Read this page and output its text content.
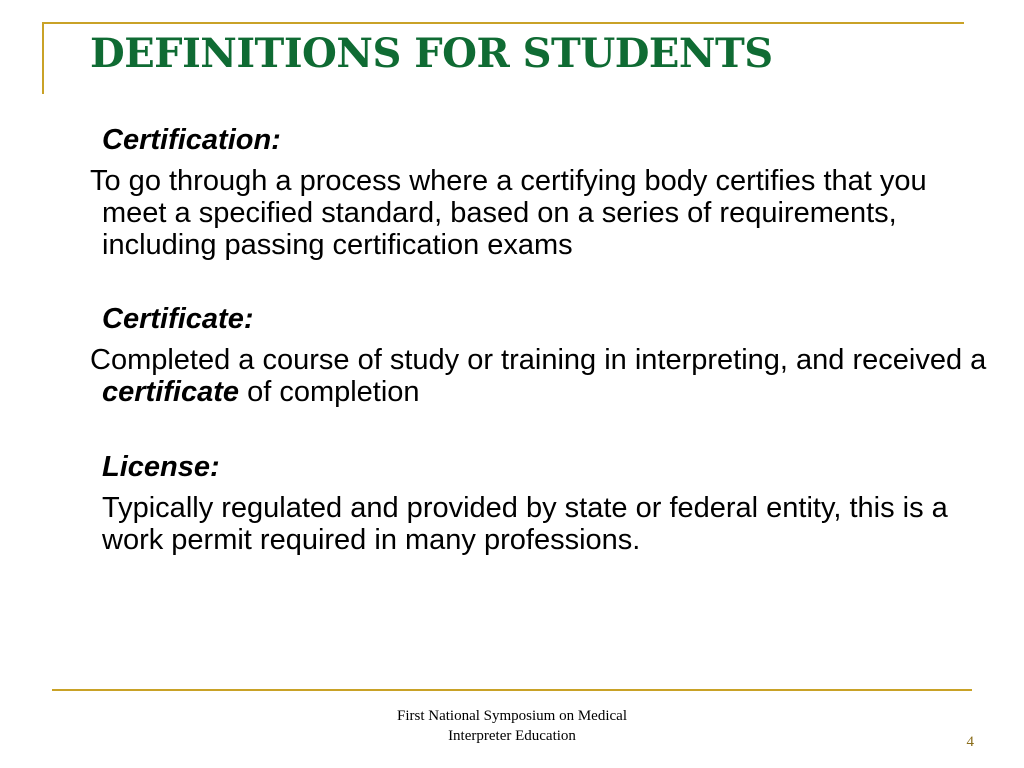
DEFINITIONS FOR STUDENTS

Certification:

To go through a process where a certifying body certifies that you meet a specified standard, based on a series of requirements, including passing certification exams

Certificate:

Completed a course of study or training in interpreting, and received a certificate of completion

License:

Typically regulated and provided by state or federal entity, this is a work permit required in many professions.

First National Symposium on Medical
Interpreter Education	4
